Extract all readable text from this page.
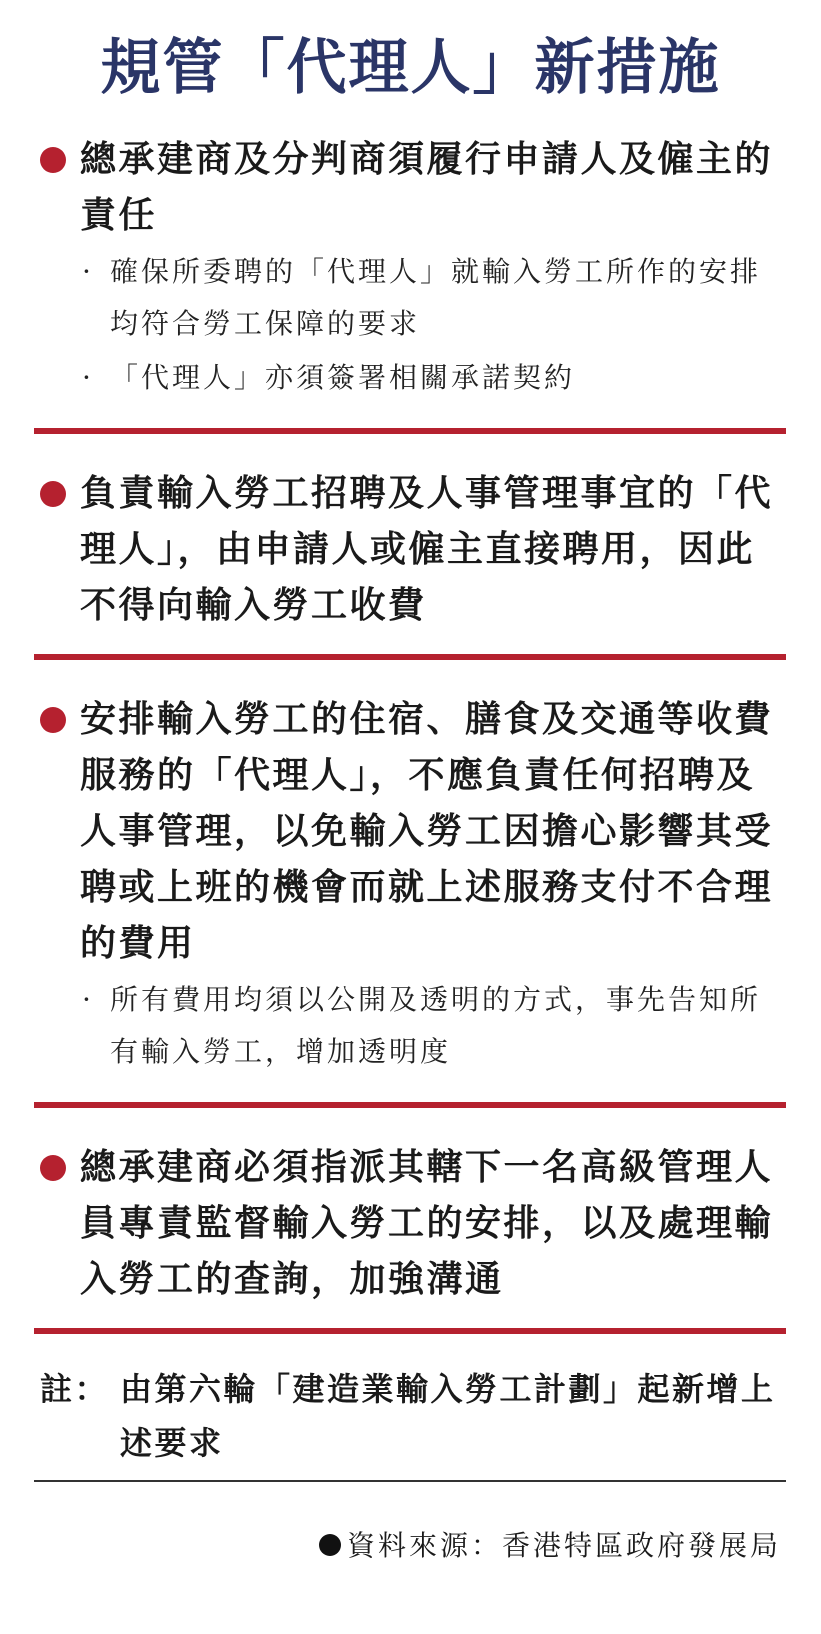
規管「代理人」新措施

總承建商及分判商須履行申請人及僱主的責任

· 確保所委聘的「代理人」就輸入勞工所作的安排均符合勞工保障的要求

· 「代理人」亦須簽署相關承諾契約

負責輸入勞工招聘及人事管理事宜的「代理人」，由申請人或僱主直接聘用，因此不得向輸入勞工收費

安排輸入勞工的住宿、膳食及交通等收費服務的「代理人」，不應負責任何招聘及人事管理，以免輸入勞工因擔心影響其受聘或上班的機會而就上述服務支付不合理的費用

· 所有費用均須以公開及透明的方式，事先告知所有輸入勞工，增加透明度

總承建商必須指派其轄下一名高級管理人員專責監督輸入勞工的安排，以及處理輸入勞工的查詢，加強溝通

註： 由第六輪「建造業輸入勞工計劃」起新增上述要求
資料來源：香港特區政府發展局
